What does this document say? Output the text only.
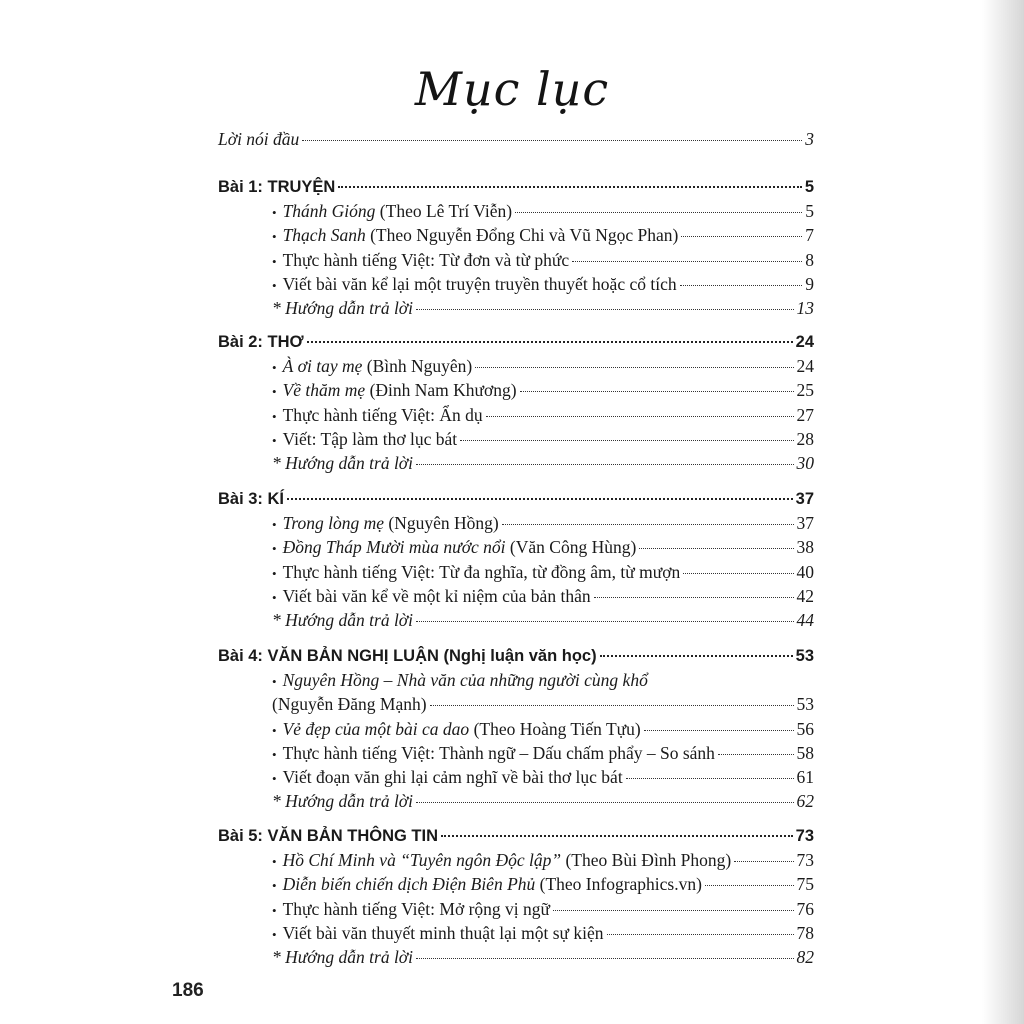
Mục lục
Lời nói đầu	3
Bài 1: TRUYỆN	5
• Thánh Gióng (Theo Lê Trí Viễn)	5
• Thạch Sanh (Theo Nguyễn Đổng Chi và Vũ Ngọc Phan)	7
• Thực hành tiếng Việt: Từ đơn và từ phức	8
• Viết bài văn kể lại một truyện truyền thuyết hoặc cổ tích	9
* Hướng dẫn trả lời	13
Bài 2: THƠ	24
• À ơi tay mẹ (Bình Nguyên)	24
• Về thăm mẹ (Đinh Nam Khương)	25
• Thực hành tiếng Việt: Ẩn dụ	27
• Viết: Tập làm thơ lục bát	28
* Hướng dẫn trả lời	30
Bài 3: KÍ	37
• Trong lòng mẹ (Nguyên Hồng)	37
• Đồng Tháp Mười mùa nước nổi (Văn Công Hùng)	38
• Thực hành tiếng Việt: Từ đa nghĩa, từ đồng âm, từ mượn	40
• Viết bài văn kể về một kỉ niệm của bản thân	42
* Hướng dẫn trả lời	44
Bài 4: VĂN BẢN NGHỊ LUẬN (Nghị luận văn học)	53
• Nguyên Hồng – Nhà văn của những người cùng khổ
(Nguyễn Đăng Mạnh)	53
• Vẻ đẹp của một bài ca dao (Theo Hoàng Tiến Tựu)	56
• Thực hành tiếng Việt: Thành ngữ – Dấu chấm phẩy – So sánh	58
• Viết đoạn văn ghi lại cảm nghĩ về bài thơ lục bát	61
* Hướng dẫn trả lời	62
Bài 5: VĂN BẢN THÔNG TIN	73
• Hồ Chí Minh và “Tuyên ngôn Độc lập” (Theo Bùi Đình Phong)	73
• Diễn biến chiến dịch Điện Biên Phủ (Theo Infographics.vn)	75
• Thực hành tiếng Việt: Mở rộng vị ngữ	76
• Viết bài văn thuyết minh thuật lại một sự kiện	78
* Hướng dẫn trả lời	82
186
